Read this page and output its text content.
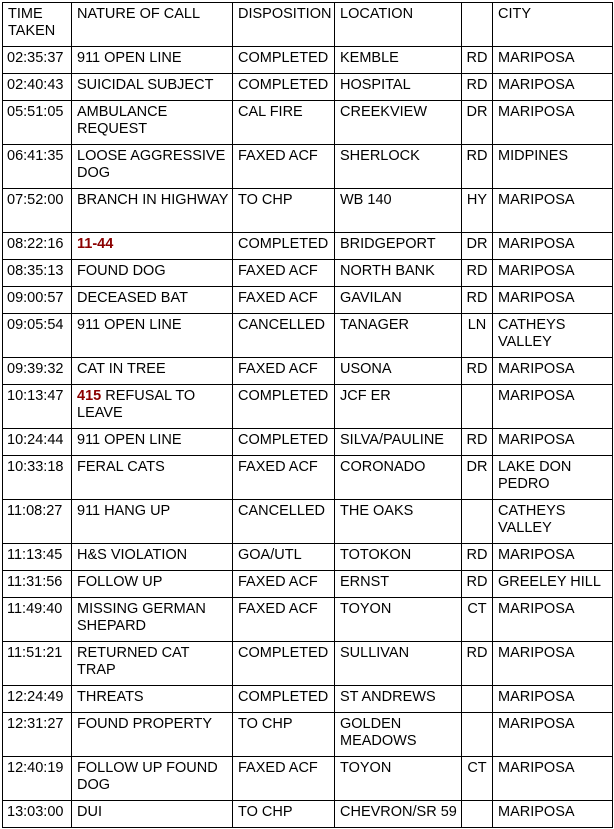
TIME TAKEN	NATURE OF CALL	DISPOSITION	LOCATION		CITY
02:35:37	911 OPEN LINE	COMPLETED	KEMBLE	RD	MARIPOSA
02:40:43	SUICIDAL SUBJECT	COMPLETED	HOSPITAL	RD	MARIPOSA
05:51:05	AMBULANCE REQUEST	CAL FIRE	CREEKVIEW	DR	MARIPOSA
06:41:35	LOOSE AGGRESSIVE DOG	FAXED ACF	SHERLOCK	RD	MIDPINES
07:52:00	BRANCH IN HIGHWAY	TO CHP	WB 140	HY	MARIPOSA
08:22:16	11-44	COMPLETED	BRIDGEPORT	DR	MARIPOSA
08:35:13	FOUND DOG	FAXED ACF	NORTH BANK	RD	MARIPOSA
09:00:57	DECEASED BAT	FAXED ACF	GAVILAN	RD	MARIPOSA
09:05:54	911 OPEN LINE	CANCELLED	TANAGER	LN	CATHEYS VALLEY
09:39:32	CAT IN TREE	FAXED ACF	USONA	RD	MARIPOSA
10:13:47	415 REFUSAL TO LEAVE	COMPLETED	JCF ER		MARIPOSA
10:24:44	911 OPEN LINE	COMPLETED	SILVA/PAULINE	RD	MARIPOSA
10:33:18	FERAL CATS	FAXED ACF	CORONADO	DR	LAKE DON PEDRO
11:08:27	911 HANG UP	CANCELLED	THE OAKS		CATHEYS VALLEY
11:13:45	H&S VIOLATION	GOA/UTL	TOTOKON	RD	MARIPOSA
11:31:56	FOLLOW UP	FAXED ACF	ERNST	RD	GREELEY HILL
11:49:40	MISSING GERMAN SHEPARD	FAXED ACF	TOYON	CT	MARIPOSA
11:51:21	RETURNED CAT TRAP	COMPLETED	SULLIVAN	RD	MARIPOSA
12:24:49	THREATS	COMPLETED	ST ANDREWS		MARIPOSA
12:31:27	FOUND PROPERTY	TO CHP	GOLDEN MEADOWS		MARIPOSA
12:40:19	FOLLOW UP FOUND DOG	FAXED ACF	TOYON	CT	MARIPOSA
13:03:00	DUI	TO CHP	CHEVRON/SR 59		MARIPOSA
